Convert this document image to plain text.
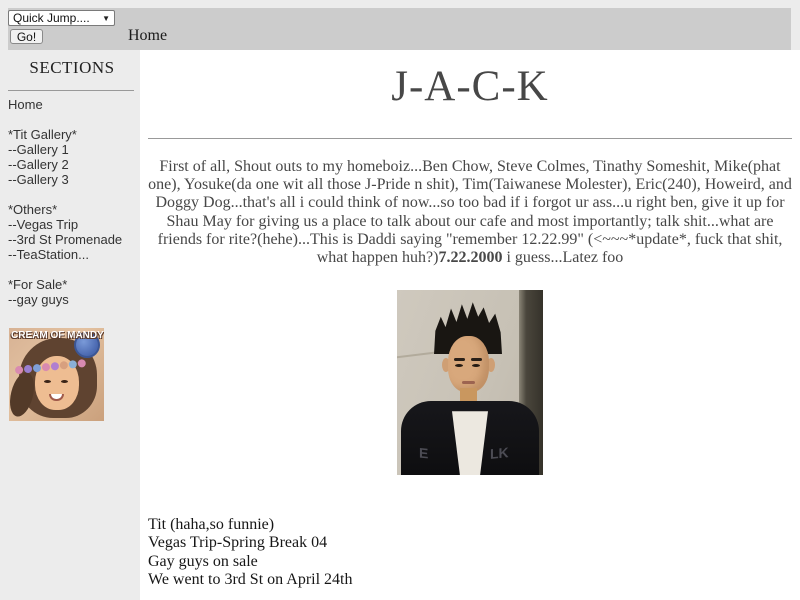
Quick Jump....	▼
Go!	Home
SECTIONS
Home
*Tit Gallery*
--Gallery 1
--Gallery 2
--Gallery 3
*Others*
--Vegas Trip
--3rd St Promenade
--TeaStation...
*For Sale*
--gay guys
CREAM OF MANDY
J-A-C-K

First of all, Shout outs to my homeboiz...Ben Chow, Steve Colmes, Tinathy Someshit, Mike(phat one), Yosuke(da one wit all those J-Pride n shit), Tim(Taiwanese Molester), Eric(240), Howeird, and Doggy Dog...that's all i could think of now...so too bad if i forgot ur ass...u right ben, give it up for Shau May for giving us a place to talk about our cafe and most importantly; talk shit...what are friends for rite?(hehe)...This is Daddi saying "remember 12.22.99" (<~~~*update*, fuck that shit, what happen huh?)7.22.2000 i guess...Latez foo

E	LK
Tit (haha,so funnie)
Vegas Trip-Spring Break 04
Gay guys on sale
We went to 3rd St on April 24th
